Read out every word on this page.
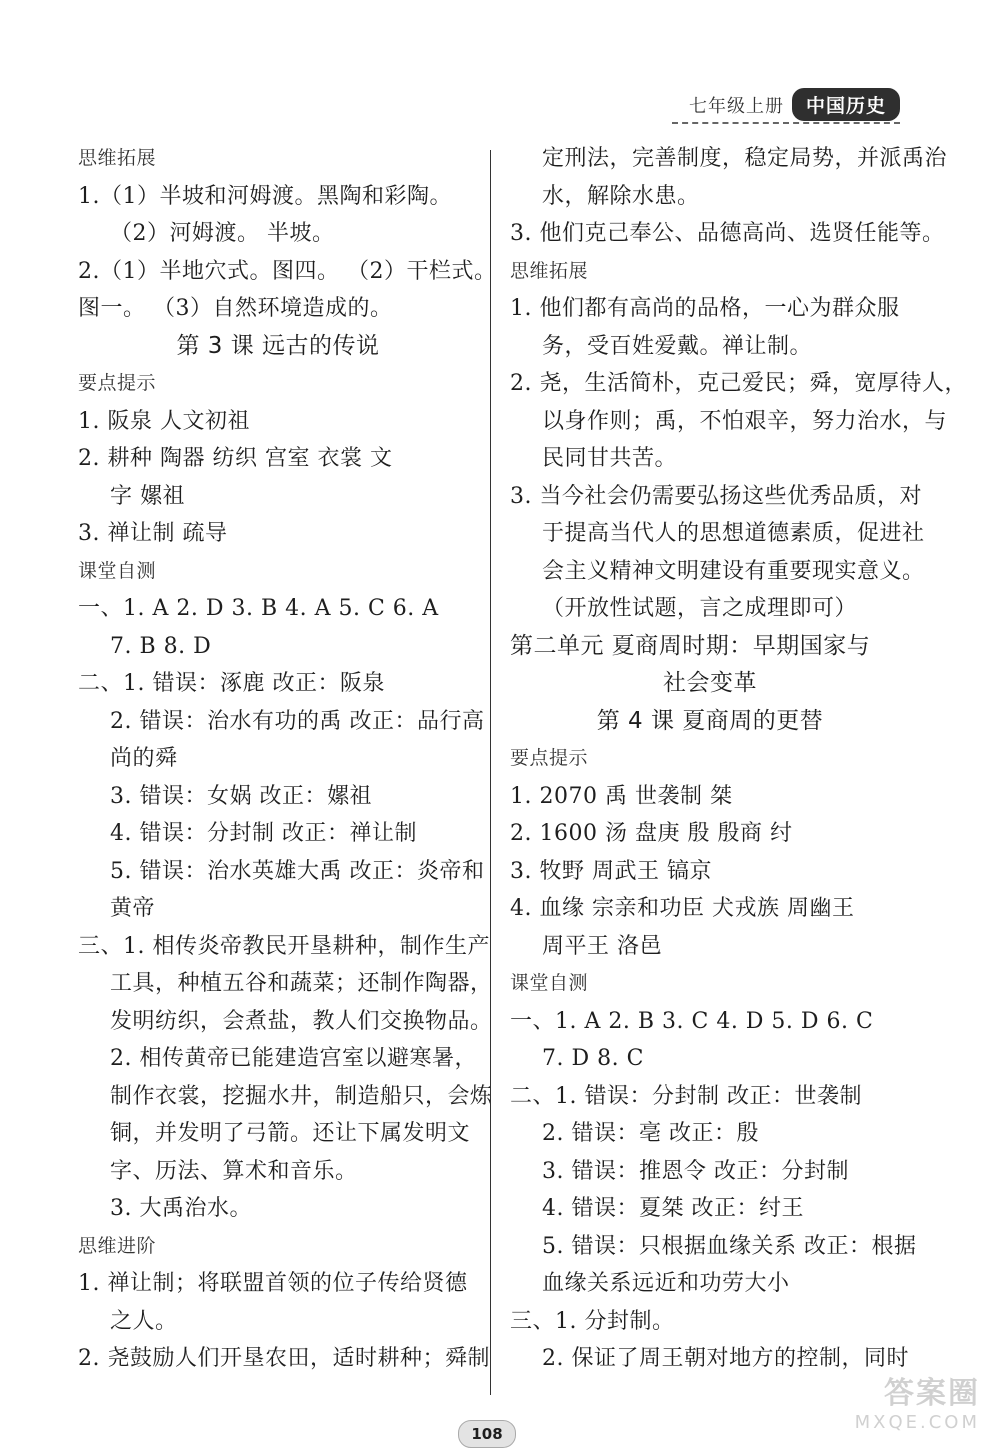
七年级上册	中国历史
思维拓展
1.（1）半坡和河姆渡。黑陶和彩陶。
（2）河姆渡。 半坡。
2.（1）半地穴式。图四。 （2）干栏式。
图一。 （3）自然环境造成的。
第 3 课 远古的传说
要点提示
1. 阪泉 人文初祖
2. 耕种 陶器 纺织 宫室 衣裳 文
字 嫘祖
3. 禅让制 疏导
课堂自测
一、1. A 2. D 3. B 4. A 5. C 6. A
7. B 8. D
二、1. 错误：涿鹿 改正：阪泉
2. 错误：治水有功的禹 改正：品行高
尚的舜
3. 错误：女娲 改正：嫘祖
4. 错误：分封制 改正：禅让制
5. 错误：治水英雄大禹 改正：炎帝和
黄帝
三、1. 相传炎帝教民开垦耕种，制作生产
工具，种植五谷和蔬菜；还制作陶器，
发明纺织，会煮盐，教人们交换物品。
2. 相传黄帝已能建造宫室以避寒暑，
制作衣裳，挖掘水井，制造船只，会炼
铜，并发明了弓箭。还让下属发明文
字、历法、算术和音乐。
3. 大禹治水。
思维进阶
1. 禅让制；将联盟首领的位子传给贤德
之人。
2. 尧鼓励人们开垦农田，适时耕种；舜制
定刑法，完善制度，稳定局势，并派禹治
水，解除水患。
3. 他们克己奉公、品德高尚、选贤任能等。
思维拓展
1. 他们都有高尚的品格，一心为群众服
务，受百姓爱戴。禅让制。
2. 尧，生活简朴，克己爱民；舜，宽厚待人，
以身作则；禹，不怕艰辛，努力治水，与
民同甘共苦。
3. 当今社会仍需要弘扬这些优秀品质，对
于提高当代人的思想道德素质，促进社
会主义精神文明建设有重要现实意义。
（开放性试题，言之成理即可）
第二单元 夏商周时期：早期国家与
社会变革
第 4 课 夏商周的更替
要点提示
1. 2070 禹 世袭制 桀
2. 1600 汤 盘庚 殷 殷商 纣
3. 牧野 周武王 镐京
4. 血缘 宗亲和功臣 犬戎族 周幽王
周平王 洛邑
课堂自测
一、1. A 2. B 3. C 4. D 5. D 6. C
7. D 8. C
二、1. 错误：分封制 改正：世袭制
2. 错误：亳 改正：殷
3. 错误：推恩令 改正：分封制
4. 错误：夏桀 改正：纣王
5. 错误：只根据血缘关系 改正：根据
血缘关系远近和功劳大小
三、1. 分封制。
2. 保证了周王朝对地方的控制，同时
108
答案圈
MXQE.COM
